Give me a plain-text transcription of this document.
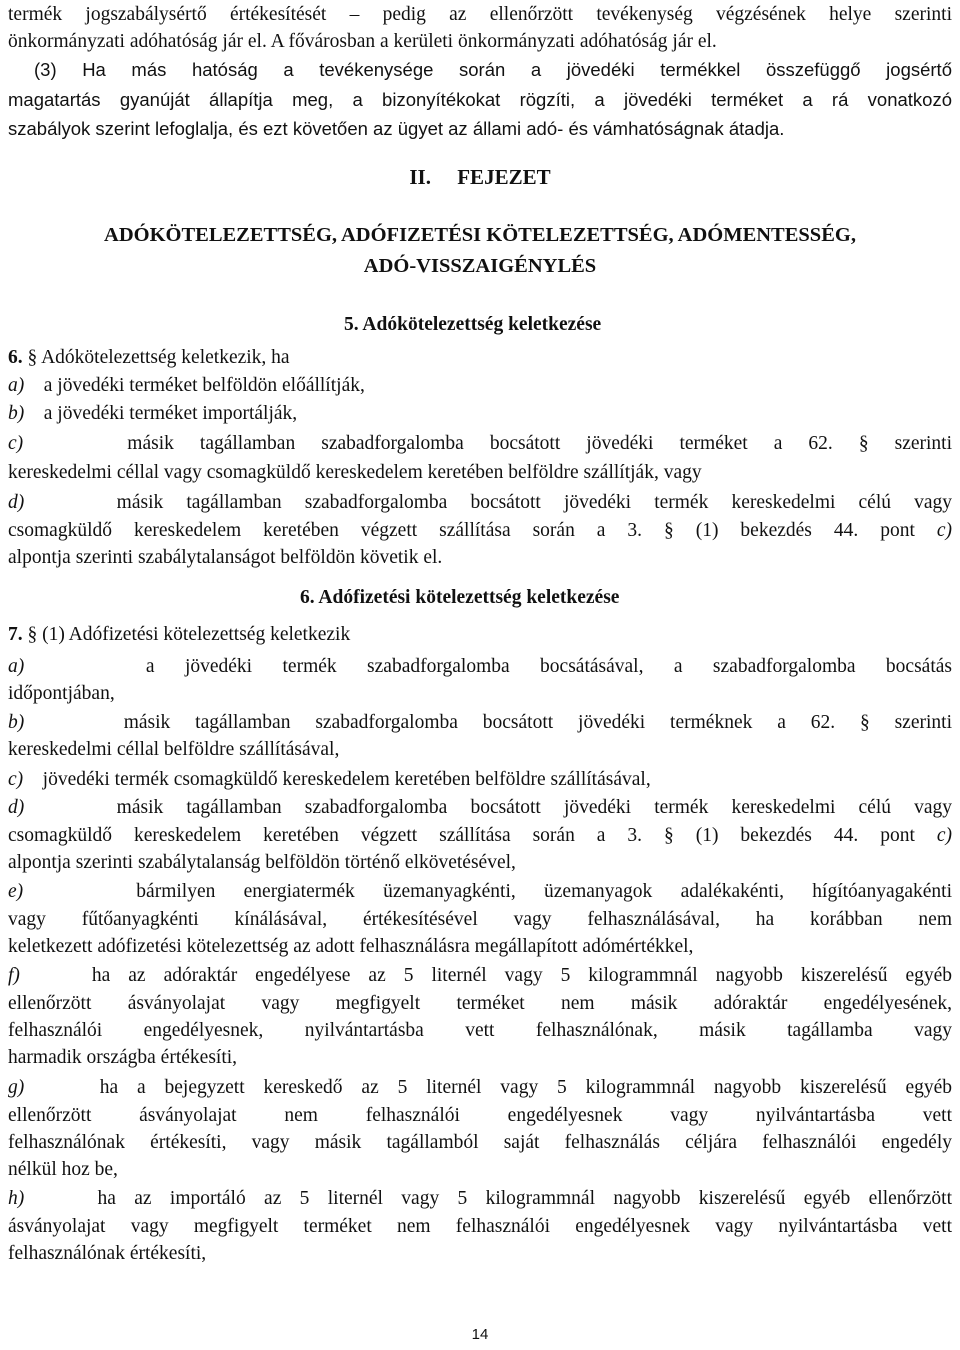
termék jogszabálysértő értékesítését – pedig az ellenőrzött tevékenység végzésének helye szerinti
önkormányzati adóhatóság jár el. A fővárosban a kerületi önkormányzati adóhatóság jár el.
(3) Ha más hatóság a tevékenysége során a jövedéki termékkel összefüggő jogsértő
magatartás gyanúját állapítja meg, a bizonyítékokat rögzíti, a jövedéki terméket a rá vonatkozó
szabályok szerint lefoglalja, és ezt követően az ügyet az állami adó- és vámhatóságnak átadja.
II. FEJEZET
ADÓKÖTELEZETTSÉG, ADÓFIZETÉSI KÖTELEZETTSÉG, ADÓMENTESSÉG,
ADÓ-VISSZAIGÉNYLÉS
5. Adókötelezettség keletkezése
6. § Adókötelezettség keletkezik, ha
a) a jövedéki terméket belföldön előállítják,
b) a jövedéki terméket importálják,
c)	másik tagállamban szabadforgalomba bocsátott jövedéki terméket a 62. § szerinti
kereskedelmi céllal vagy csomagküldő kereskedelem keretében belföldre szállítják, vagy
d)	másik tagállamban szabadforgalomba bocsátott jövedéki termék kereskedelmi célú vagy
csomagküldő kereskedelem keretében végzett szállítása során a 3. § (1) bekezdés 44. pont c)
alpontja szerinti szabálytalanságot belföldön követik el.
6. Adófizetési kötelezettség keletkezése
7. § (1) Adófizetési kötelezettség keletkezik
a)	a jövedéki termék szabadforgalomba bocsátásával, a szabadforgalomba bocsátás
időpontjában,
b)	másik tagállamban szabadforgalomba bocsátott jövedéki terméknek a 62. § szerinti
kereskedelmi céllal belföldre szállításával,
c) jövedéki termék csomagküldő kereskedelem keretében belföldre szállításával,
d)	másik tagállamban szabadforgalomba bocsátott jövedéki termék kereskedelmi célú vagy
csomagküldő kereskedelem keretében végzett szállítása során a 3. § (1) bekezdés 44. pont c)
alpontja szerinti szabálytalanság belföldön történő elkövetésével,
e)	bármilyen energiatermék üzemanyagkénti, üzemanyagok adalékakénti, hígítóanyagakénti
vagy fűtőanyagkénti kínálásával, értékesítésével vagy felhasználásával, ha korábban nem
keletkezett adófizetési kötelezettség az adott felhasználásra megállapított adómértékkel,
f)	ha az adóraktár engedélyese az 5 liternél vagy 5 kilogrammnál nagyobb kiszerelésű egyéb
ellenőrzött ásványolajat vagy megfigyelt terméket nem másik adóraktár engedélyesének,
felhasználói engedélyesnek, nyilvántartásba vett felhasználónak, másik tagállamba vagy
harmadik országba értékesíti,
g)	ha a bejegyzett kereskedő az 5 liternél vagy 5 kilogrammnál nagyobb kiszerelésű egyéb
ellenőrzött ásványolajat nem felhasználói engedélyesnek vagy nyilvántartásba vett
felhasználónak értékesíti, vagy másik tagállamból saját felhasználás céljára felhasználói engedély
nélkül hoz be,
h)	ha az importáló az 5 liternél vagy 5 kilogrammnál nagyobb kiszerelésű egyéb ellenőrzött
ásványolajat vagy megfigyelt terméket nem felhasználói engedélyesnek vagy nyilvántartásba vett
felhasználónak értékesíti,
14
